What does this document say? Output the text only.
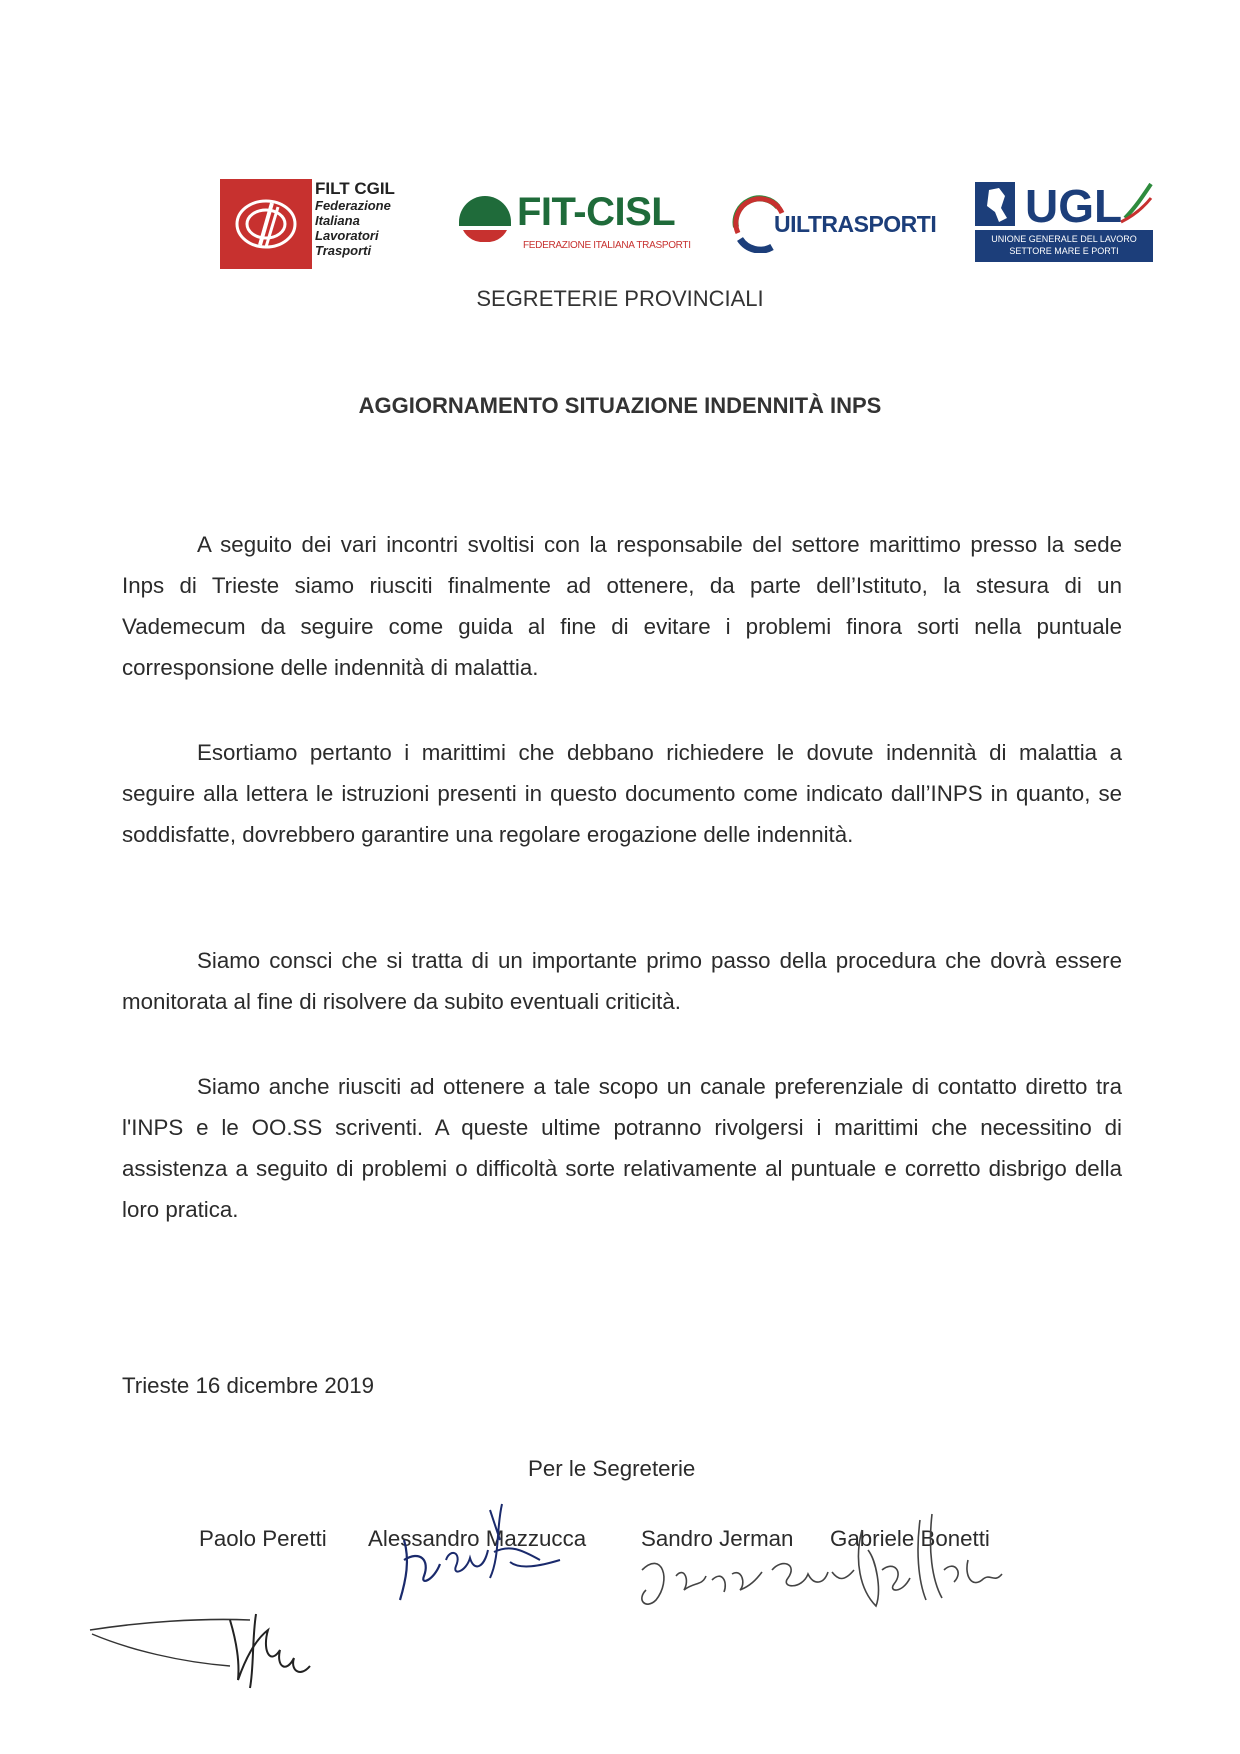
FILT CGIL
Federazione
Italiana
Lavoratori
Trasporti
FIT-CISL
FEDERAZIONE ITALIANA TRASPORTI
UILTRASPORTI UGL
UNIONE GENERALE DEL LAVORO
SETTORE MARE E PORTI
SEGRETERIE PROVINCIALI
AGGIORNAMENTO SITUAZIONE INDENNITÀ INPS

A seguito dei vari incontri svoltisi con la responsabile del settore marittimo presso la sede Inps di Trieste siamo riusciti finalmente ad ottenere, da parte dell’Istituto, la stesura di un Vademecum da seguire come guida al fine di evitare i problemi finora sorti nella puntuale corresponsione delle indennità di malattia.

Esortiamo pertanto i marittimi che debbano richiedere le dovute indennità di malattia a seguire alla lettera le istruzioni presenti in questo documento come indicato dall’INPS in quanto, se soddisfatte, dovrebbero garantire una regolare erogazione delle indennità.

Siamo consci che si tratta di un importante primo passo della procedura che dovrà essere monitorata al fine di risolvere da subito eventuali criticità.

Siamo anche riusciti ad ottenere a tale scopo un canale preferenziale di contatto diretto tra l'INPS e le OO.SS scriventi. A queste ultime potranno rivolgersi i marittimi che necessitino di assistenza a seguito di problemi o difficoltà sorte relativamente al puntuale e corretto disbrigo della loro pratica.

Trieste 16 dicembre 2019
Per le Segreterie
Paolo Peretti Alessandro Mazzucca Sandro Jerman Gabriele Bonetti
